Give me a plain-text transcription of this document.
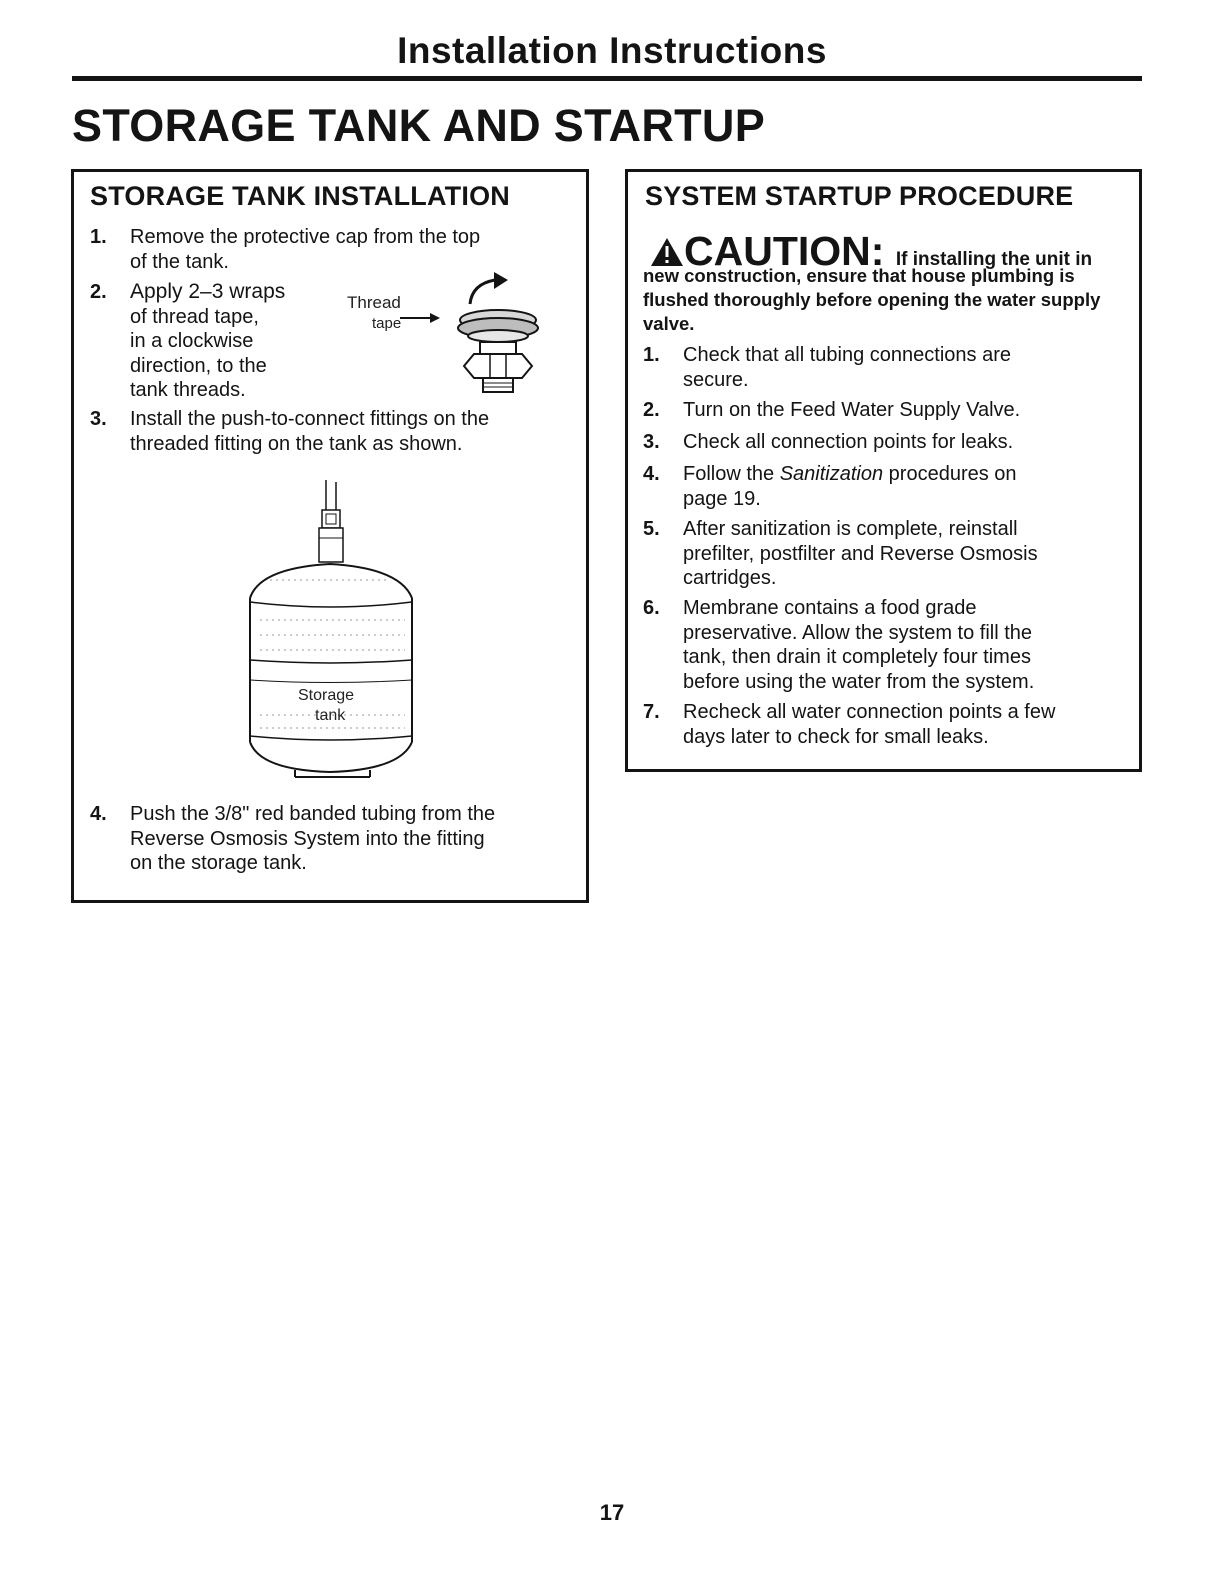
Installation Instructions
STORAGE TANK AND STARTUP
STORAGE TANK INSTALLATION
1. Remove the protective cap from the top
of the tank.
2. Apply 2–3 wraps
of thread tape,
in a clockwise
direction, to the
tank threads.
Thread
tape
3. Install the push-to-connect fittings on the
threaded fitting on the tank as shown.
Storage
tank
4. Push the 3/8" red banded tubing from the
Reverse Osmosis System into the fitting
on the storage tank.
SYSTEM STARTUP PROCEDURE
CAUTION: If installing the unit in
new construction, ensure that house plumbing is flushed thoroughly before opening the water supply valve.
1. Check that all tubing connections are
secure.
2. Turn on the Feed Water Supply Valve.
3. Check all connection points for leaks.
4. Follow the Sanitization procedures on
page 19.
5. After sanitization is complete, reinstall
prefilter, postfilter and Reverse Osmosis
cartridges.
6. Membrane contains a food grade
preservative. Allow the system to fill the
tank, then drain it completely four times
before using the water from the system.
7. Recheck all water connection points a few
days later to check for small leaks.
17
